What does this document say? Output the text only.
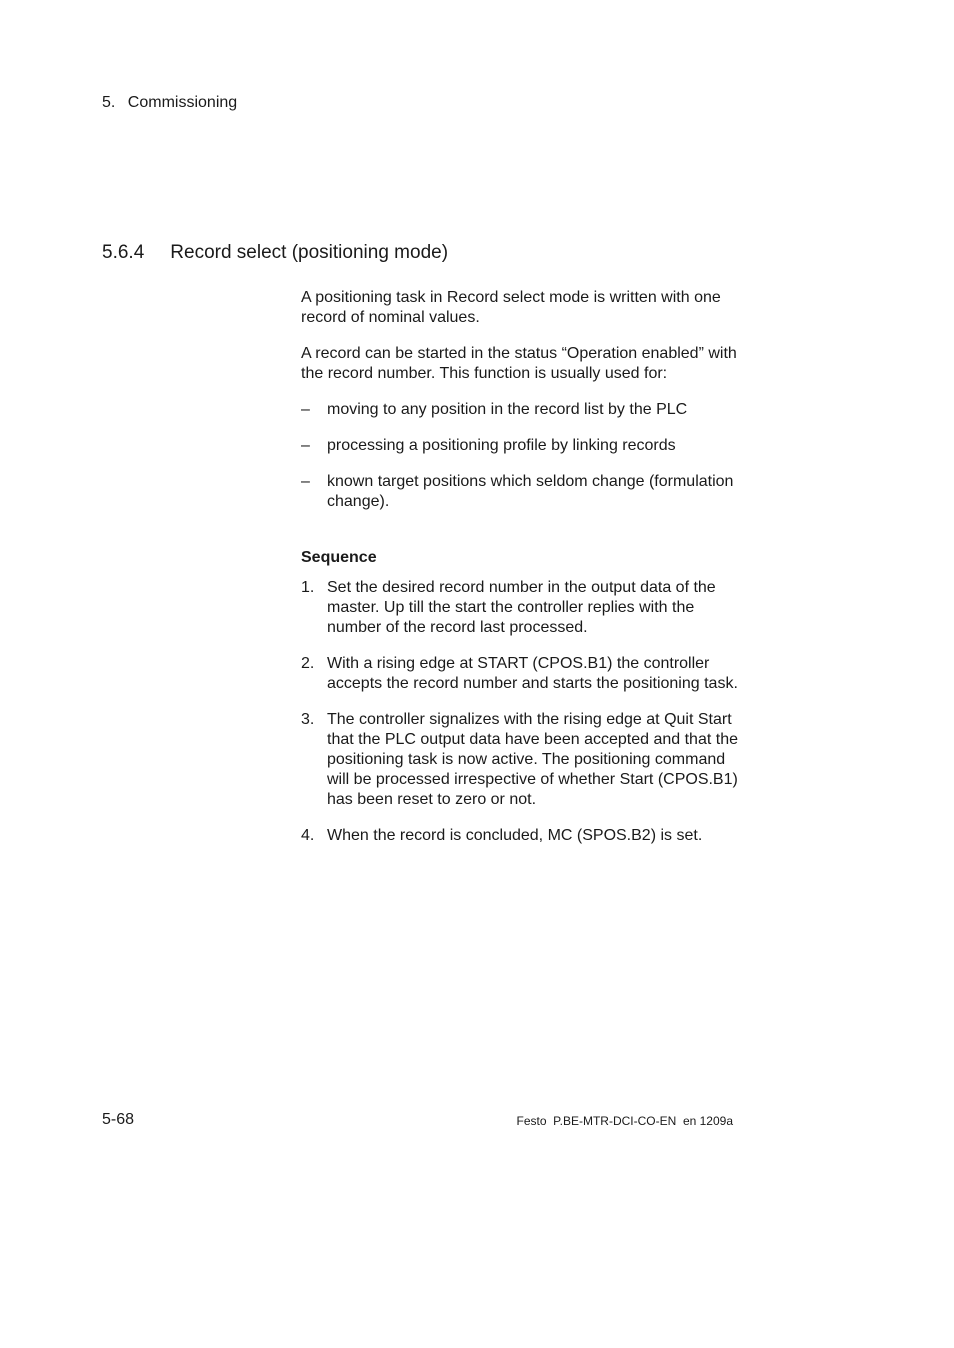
5. Commissioning
5.6.4 Record select (positioning mode)

A positioning task in Record select mode is written with one record of nominal values.

A record can be started in the status “Operation enabled” with the record number. This function is usually used for:

– moving to any position in the record list by the PLC
– processing a positioning profile by linking records
– known target positions which seldom change (formulation change).
Sequence
1. Set the desired record number in the output data of the master. Up till the start the controller replies with the number of the record last processed.
2. With a rising edge at START (CPOS.B1) the controller accepts the record number and starts the positioning task.
3. The controller signalizes with the rising edge at Quit Start that the PLC output data have been accepted and that the positioning task is now active. The positioning command will be processed irrespective of whether Start (CPOS.B1) has been reset to zero or not.
4. When the record is concluded, MC (SPOS.B2) is set.
5-68	Festo  P.BE-MTR-DCI-CO-EN  en 1209a
